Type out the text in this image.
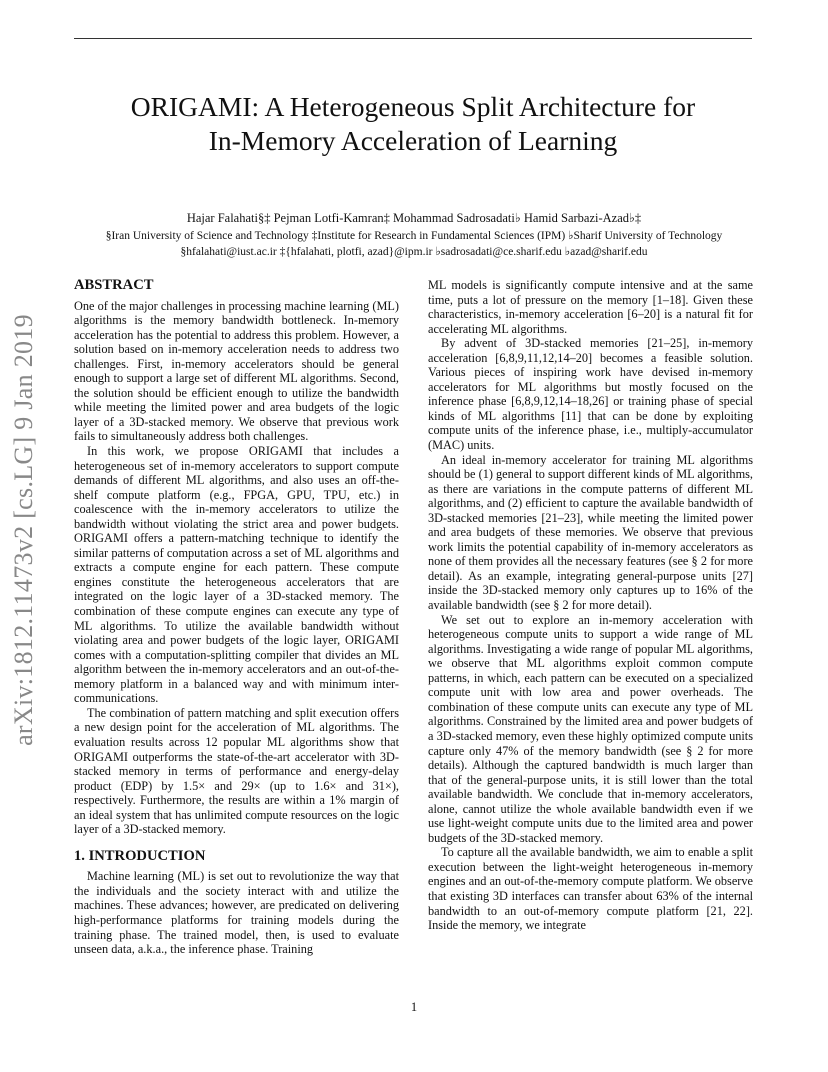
arXiv:1812.11473v2 [cs.LG] 9 Jan 2019
ORIGAMI: A Heterogeneous Split Architecture for
In-Memory Acceleration of Learning
Hajar Falahati§‡ Pejman Lotfi-Kamran‡ Mohammad Sadrosadati♭ Hamid Sarbazi-Azad♭‡
§Iran University of Science and Technology ‡Institute for Research in Fundamental Sciences (IPM) ♭Sharif University of Technology
§hfalahati@iust.ac.ir ‡{hfalahati, plotfi, azad}@ipm.ir ♭sadrosadati@ce.sharif.edu ♭azad@sharif.edu
ABSTRACT

One of the major challenges in processing machine learning (ML) algorithms is the memory bandwidth bottleneck. In-memory acceleration has the potential to address this problem. However, a solution based on in-memory acceleration needs to address two challenges. First, in-memory accelerators should be general enough to support a large set of different ML algorithms. Second, the solution should be efficient enough to utilize the bandwidth while meeting the limited power and area budgets of the logic layer of a 3D-stacked memory. We observe that previous work fails to simultaneously address both challenges.

In this work, we propose ORIGAMI that includes a heterogeneous set of in-memory accelerators to support compute demands of different ML algorithms, and also uses an off-the-shelf compute platform (e.g., FPGA, GPU, TPU, etc.) in coalescence with the in-memory accelerators to utilize the bandwidth without violating the strict area and power budgets. ORIGAMI offers a pattern-matching technique to identify the similar patterns of computation across a set of ML algorithms and extracts a compute engine for each pattern. These compute engines constitute the heterogeneous accelerators that are integrated on the logic layer of a 3D-stacked memory. The combination of these compute engines can execute any type of ML algorithms. To utilize the available bandwidth without violating area and power budgets of the logic layer, ORIGAMI comes with a computation-splitting compiler that divides an ML algorithm between the in-memory accelerators and an out-of-the-memory platform in a balanced way and with minimum inter-communications.

The combination of pattern matching and split execution offers a new design point for the acceleration of ML algorithms. The evaluation results across 12 popular ML algorithms show that ORIGAMI outperforms the state-of-the-art accelerator with 3D-stacked memory in terms of performance and energy-delay product (EDP) by 1.5× and 29× (up to 1.6× and 31×), respectively. Furthermore, the results are within a 1% margin of an ideal system that has unlimited compute resources on the logic layer of a 3D-stacked memory.

1. INTRODUCTION

Machine learning (ML) is set out to revolutionize the way that the individuals and the society interact with and utilize the machines. These advances; however, are predicated on delivering high-performance platforms for training models during the training phase. The trained model, then, is used to evaluate unseen data, a.k.a., the inference phase. Training

ML models is significantly compute intensive and at the same time, puts a lot of pressure on the memory [1–18]. Given these characteristics, in-memory acceleration [6–20] is a natural fit for accelerating ML algorithms.

By advent of 3D-stacked memories [21–25], in-memory acceleration [6,8,9,11,12,14–20] becomes a feasible solution. Various pieces of inspiring work have devised in-memory accelerators for ML algorithms but mostly focused on the inference phase [6,8,9,12,14–18,26] or training phase of special kinds of ML algorithms [11] that can be done by exploiting compute units of the inference phase, i.e., multiply-accumulator (MAC) units.

An ideal in-memory accelerator for training ML algorithms should be (1) general to support different kinds of ML algorithms, as there are variations in the compute patterns of different ML algorithms, and (2) efficient to capture the available bandwidth of 3D-stacked memories [21–23], while meeting the limited power and area budgets of these memories. We observe that previous work limits the potential capability of in-memory accelerators as none of them provides all the necessary features (see § 2 for more detail). As an example, integrating general-purpose units [27] inside the 3D-stacked memory only captures up to 16% of the available bandwidth (see § 2 for more detail).

We set out to explore an in-memory acceleration with heterogeneous compute units to support a wide range of ML algorithms. Investigating a wide range of popular ML algorithms, we observe that ML algorithms exploit common compute patterns, in which, each pattern can be executed on a specialized compute unit with low area and power overheads. The combination of these compute units can execute any type of ML algorithms. Constrained by the limited area and power budgets of a 3D-stacked memory, even these highly optimized compute units capture only 47% of the memory bandwidth (see § 2 for more details). Although the captured bandwidth is much larger than that of the general-purpose units, it is still lower than the total available bandwidth. We conclude that in-memory accelerators, alone, cannot utilize the whole available bandwidth even if we use light-weight compute units due to the limited area and power budgets of the 3D-stacked memory.

To capture all the available bandwidth, we aim to enable a split execution between the light-weight heterogeneous in-memory engines and an out-of-the-memory compute platform. We observe that existing 3D interfaces can transfer about 63% of the internal bandwidth to an out-of-memory compute platform [21, 22]. Inside the memory, we integrate

1
